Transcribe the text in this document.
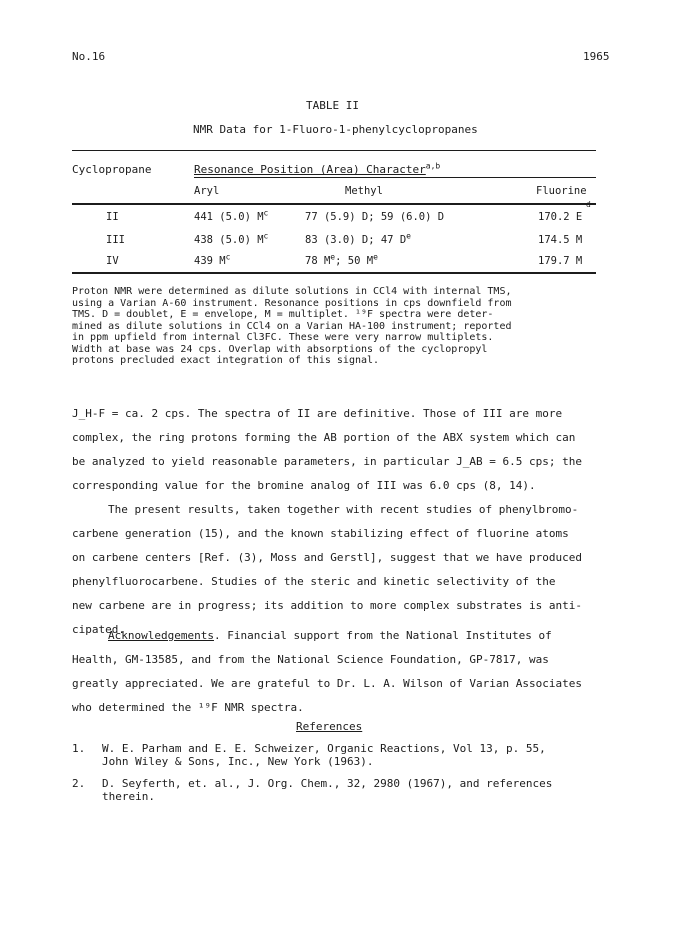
No.16	1965
TABLE II
NMR Data for 1-Fluoro-1-phenylcyclopropanes
Cyclopropane	Resonance Position (Area) Character$^{a,b}$
Aryl	Methyl	Fluorine
II	441 (5.0) $M^c$	77 (5.9) D; 59 (6.0) D	170.2 E
d
III	438 (5.0) $M^c$	83 (3.0) D; 47 De	174.5 M
IV	439 $M^c$	78 Me; 50 Me	179.7 M
Proton NMR were determined as dilute solutions in CCl4 with internal TMS,
using a Varian A-60 instrument. Resonance positions in cps downfield from
TMS. D = doublet, E = envelope, M = multiplet. ¹⁹F spectra were deter-
mined as dilute solutions in CCl4 on a Varian HA-100 instrument; reported
in ppm upfield from internal Cl3FC. These were very narrow multiplets.
Width at base was 24 cps. Overlap with absorptions of the cyclopropyl
protons precluded exact integration of this signal.
J_H-F = ca. 2 cps. The spectra of II are definitive. Those of III are more
complex, the ring protons forming the AB portion of the ABX system which can
be analyzed to yield reasonable parameters, in particular J_AB = 6.5 cps; the
corresponding value for the bromine analog of III was 6.0 cps (8, 14).
The present results, taken together with recent studies of phenylbromo-
carbene generation (15), and the known stabilizing effect of fluorine atoms
on carbene centers [Ref. (3), Moss and Gerstl], suggest that we have produced
phenylfluorocarbene. Studies of the steric and kinetic selectivity of the
new carbene are in progress; its addition to more complex substrates is anti-
cipated.
Acknowledgements. Financial support from the National Institutes of
Health, GM-13585, and from the National Science Foundation, GP-7817, was
greatly appreciated. We are grateful to Dr. L. A. Wilson of Varian Associates
who determined the ¹⁹F NMR spectra.
References
1. W. E. Parham and E. E. Schweizer, Organic Reactions, Vol 13, p. 55,
John Wiley & Sons, Inc., New York (1963).
2. D. Seyferth, et. al., J. Org. Chem., 32, 2980 (1967), and references
therein.
